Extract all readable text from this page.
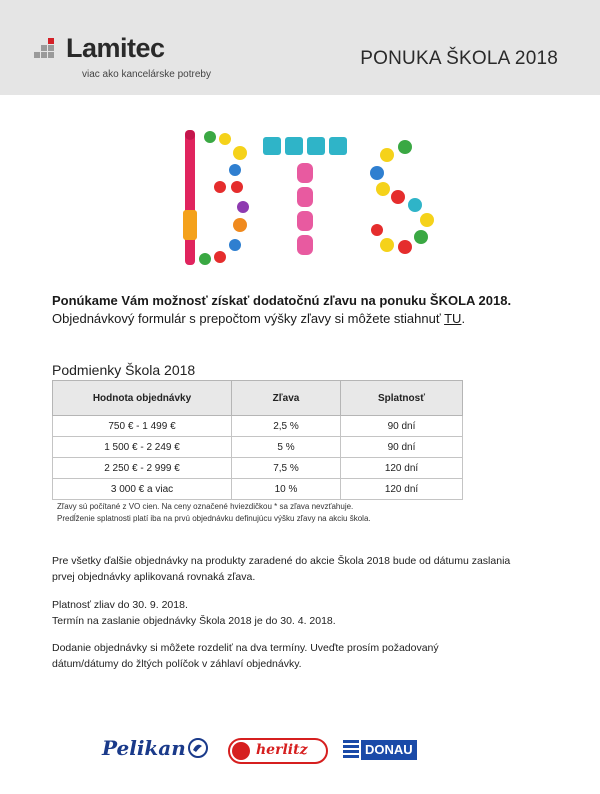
Lamitec
viac ako kancelárske potreby
PONUKA ŠKOLA 2018
Ponúkame Vám možnosť získať dodatočnú zľavu na ponuku ŠKOLA 2018.
Objednávkový formulár s prepočtom výšky zľavy si môžete stiahnuť TU.
Podmienky Škola 2018
Hodnota objednávky	Zľava	Splatnosť
750 € - 1 499 €	2,5 %	90 dní
1 500 € - 2 249 €	5 %	90 dní
2 250 € - 2 999 €	7,5 %	120 dní
3 000 € a viac	10 %	120 dní
Zľavy sú počítané z VO cien. Na ceny označené hviezdičkou * sa zľava nevzťahuje.
Predĺženie splatnosti platí iba na prvú objednávku definujúcu výšku zľavy na akciu škola.
Pre všetky ďalšie objednávky na produkty zaradené do akcie Škola 2018 bude od dátumu zaslania
prvej objednávky aplikovaná rovnaká zľava.
Platnosť zliav do 30. 9. 2018.
Termín na zaslanie objednávky Škola 2018 je do 30. 4. 2018.
Dodanie objednávky si môžete rozdeliť na dva termíny. Uveďte prosím požadovaný
dátum/dátumy do žltých políčok v záhlaví objednávky.
Pelikan	herlitz	DONAU
